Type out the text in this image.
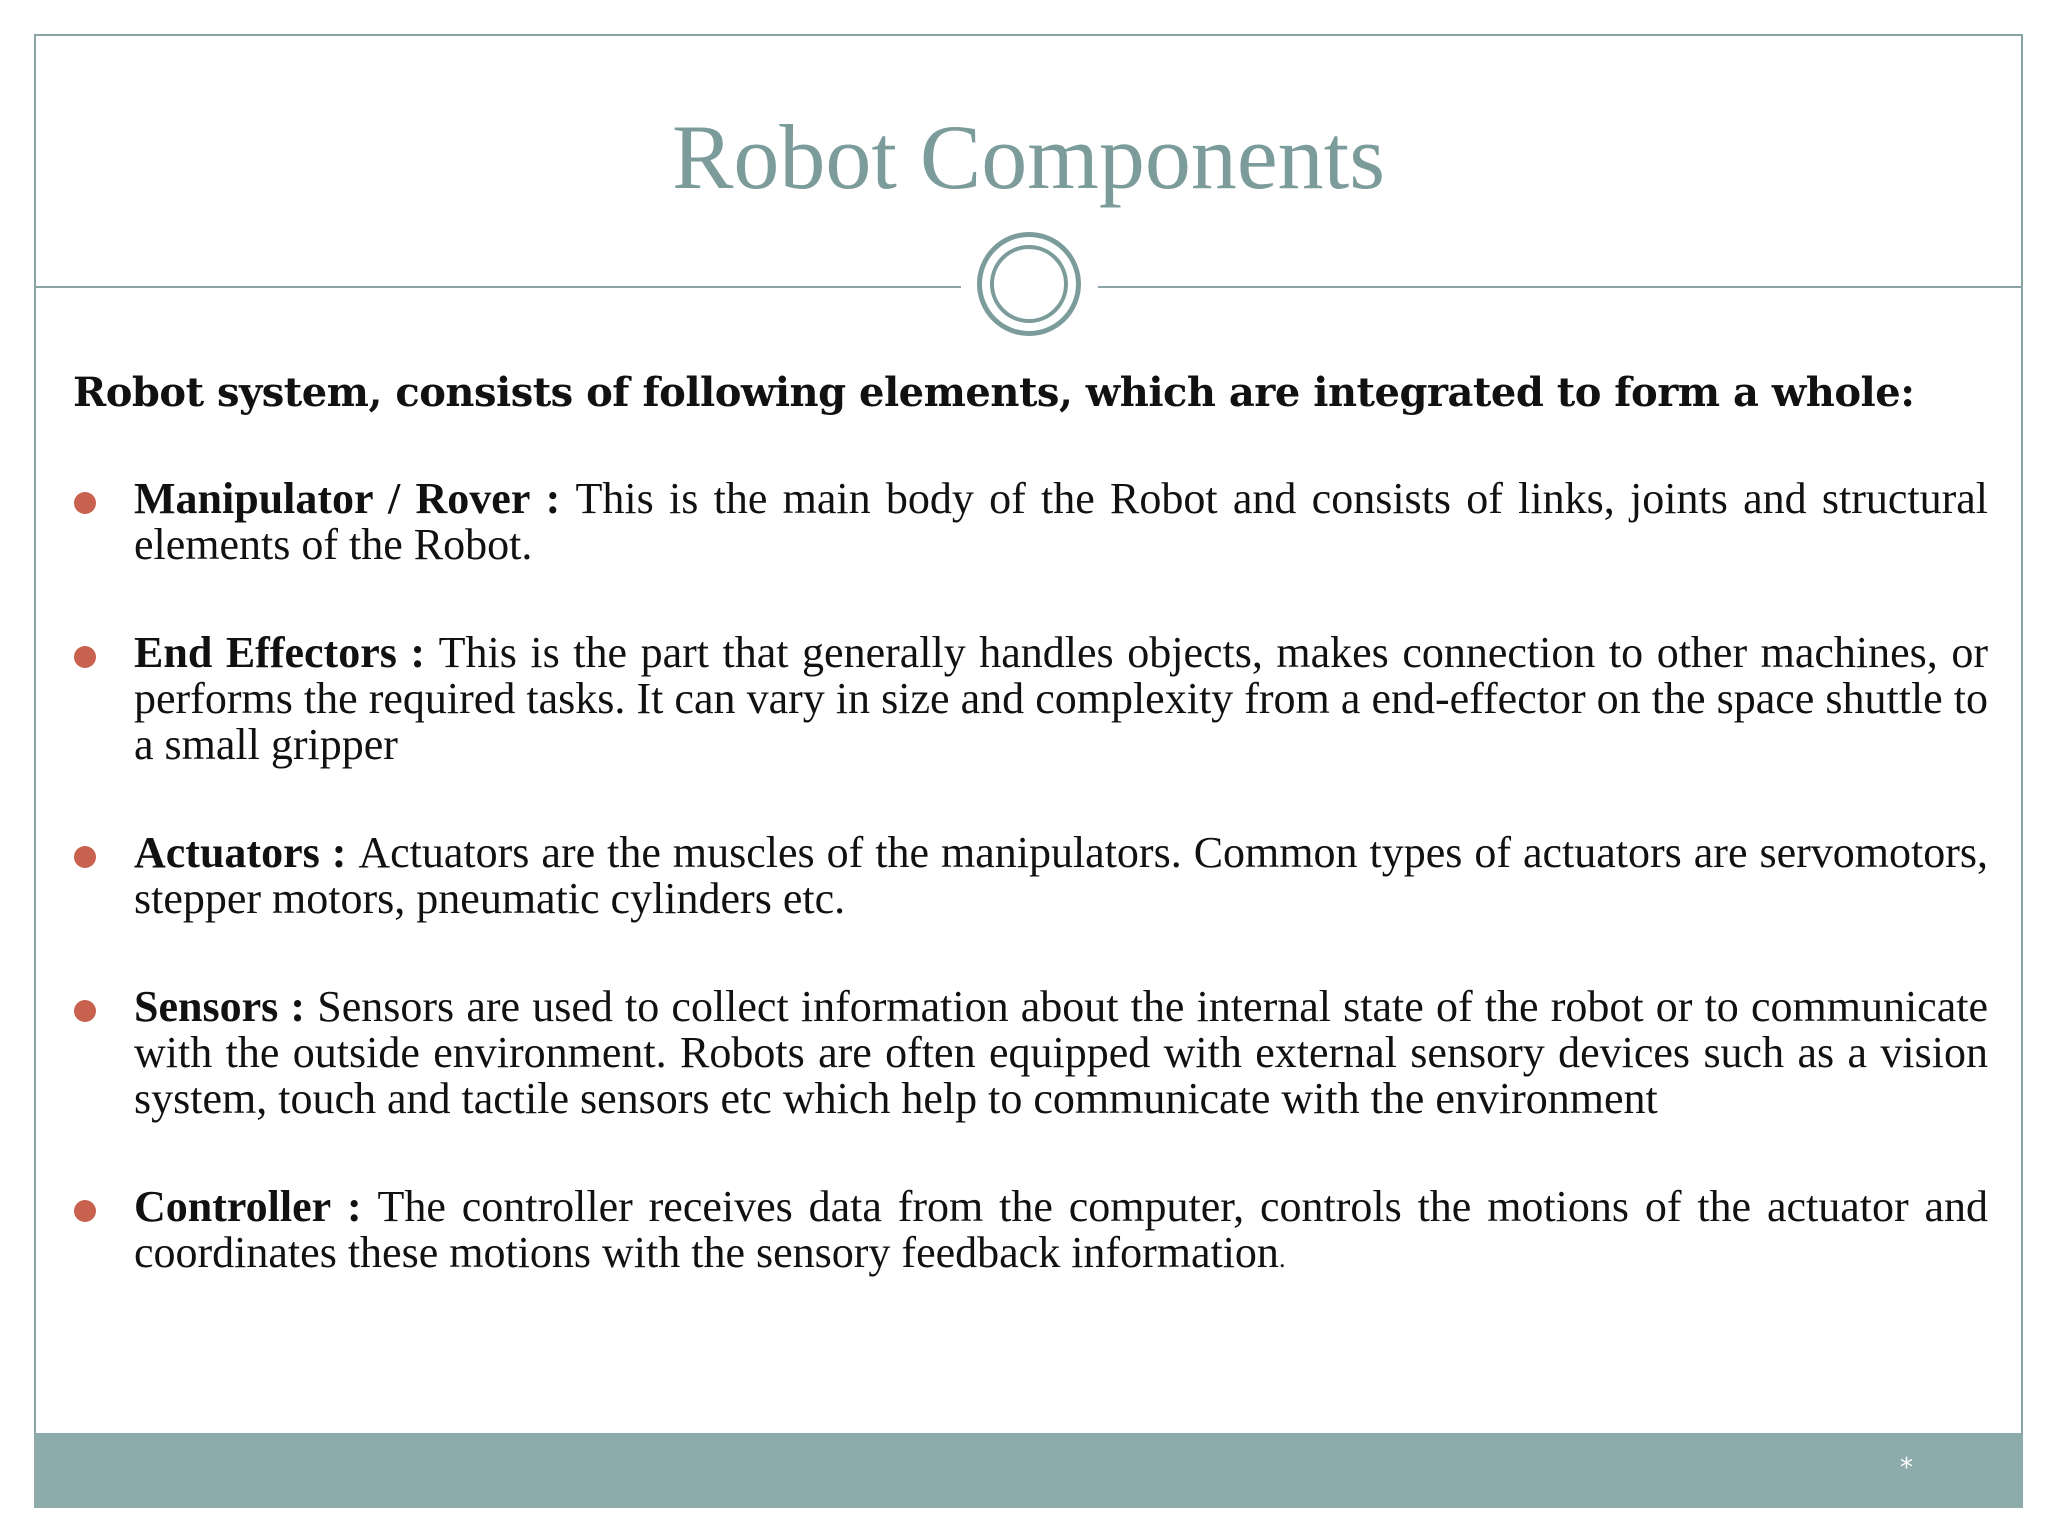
Robot Components
Robot system, consists of following elements, which are integrated to form a whole:
Manipulator / Rover : This is the main body of the Robot and consists of links, joints and structural elements of the Robot.
End Effectors : This is the part that generally handles objects, makes connection to other machines, or performs the required tasks. It can vary in size and complexity from a end-effector on the space shuttle to a small gripper
Actuators : Actuators are the muscles of the manipulators. Common types of actuators are servomotors, stepper motors, pneumatic cylinders etc.
Sensors : Sensors are used to collect information about the internal state of the robot or to communicate with the outside environment. Robots are often equipped with external sensory devices such as a vision system, touch and tactile sensors etc which help to communicate with the environment
Controller : The controller receives data from the computer, controls the motions of the actuator and coordinates these motions with the sensory feedback information.
*
